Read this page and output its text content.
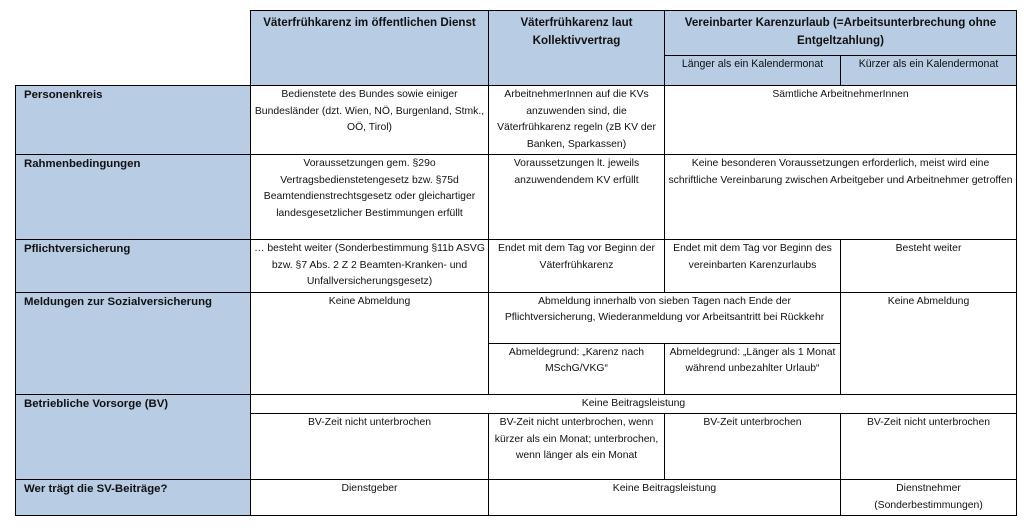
	Väterfrühkarenz im öffentlichen Dienst	Väterfrühkarenz laut Kollektivvertrag	Vereinbarter Karenzurlaub (=Arbeitsunterbrechung ohne Entgeltzahlung)	
			Länger als ein Kalendermonat	Kürzer als ein Kalendermonat
Personenkreis	Bedienstete des Bundes sowie einiger Bundesländer (dzt. Wien, NÖ, Burgenland, Stmk., OÖ, Tirol)	ArbeitnehmerInnen auf die KVs anzuwenden sind, die Väterfrühkarenz regeln (zB KV der Banken, Sparkassen)	Sämtliche ArbeitnehmerInnen	
Rahmenbedingungen	Voraussetzungen gem. §29o Vertragsbedienstetengesetz bzw. §75d Beamtendienstrechtsgesetz oder gleichartiger landesgesetzlicher Bestimmungen erfüllt	Voraussetzungen lt. jeweils anzuwendendem KV erfüllt	Keine besonderen Voraussetzungen erforderlich, meist wird eine schriftliche Vereinbarung zwischen Arbeitgeber und Arbeitnehmer getroffen	
Pflichtversicherung	… besteht weiter (Sonderbestimmung §11b ASVG bzw. §7 Abs. 2 Z 2 Beamten-Kranken- und Unfallversicherungsgesetz)	Endet mit dem Tag vor Beginn der Väterfrühkarenz	Endet mit dem Tag vor Beginn des vereinbarten Karenzurlaubs	Besteht weiter
Meldungen zur Sozialversicherung	Keine Abmeldung	Abmeldung innerhalb von sieben Tagen nach Ende der Pflichtversicherung, Wiederanmeldung vor Arbeitsantritt bei Rückkehr		Keine Abmeldung
		Abmeldegrund: „Karenz nach MSchG/VKG“	Abmeldegrund: „Länger als 1 Monat während unbezahlter Urlaub“	
Betriebliche Vorsorge (BV)	Keine Beitragsleistung			
	BV-Zeit nicht unterbrochen	BV-Zeit nicht unterbrochen, wenn kürzer als ein Monat; unterbrochen, wenn länger als ein Monat	BV-Zeit unterbrochen	BV-Zeit nicht unterbrochen
Wer trägt die SV-Beiträge?	Dienstgeber	Keine Beitragsleistung		Dienstnehmer (Sonderbestimmungen)
